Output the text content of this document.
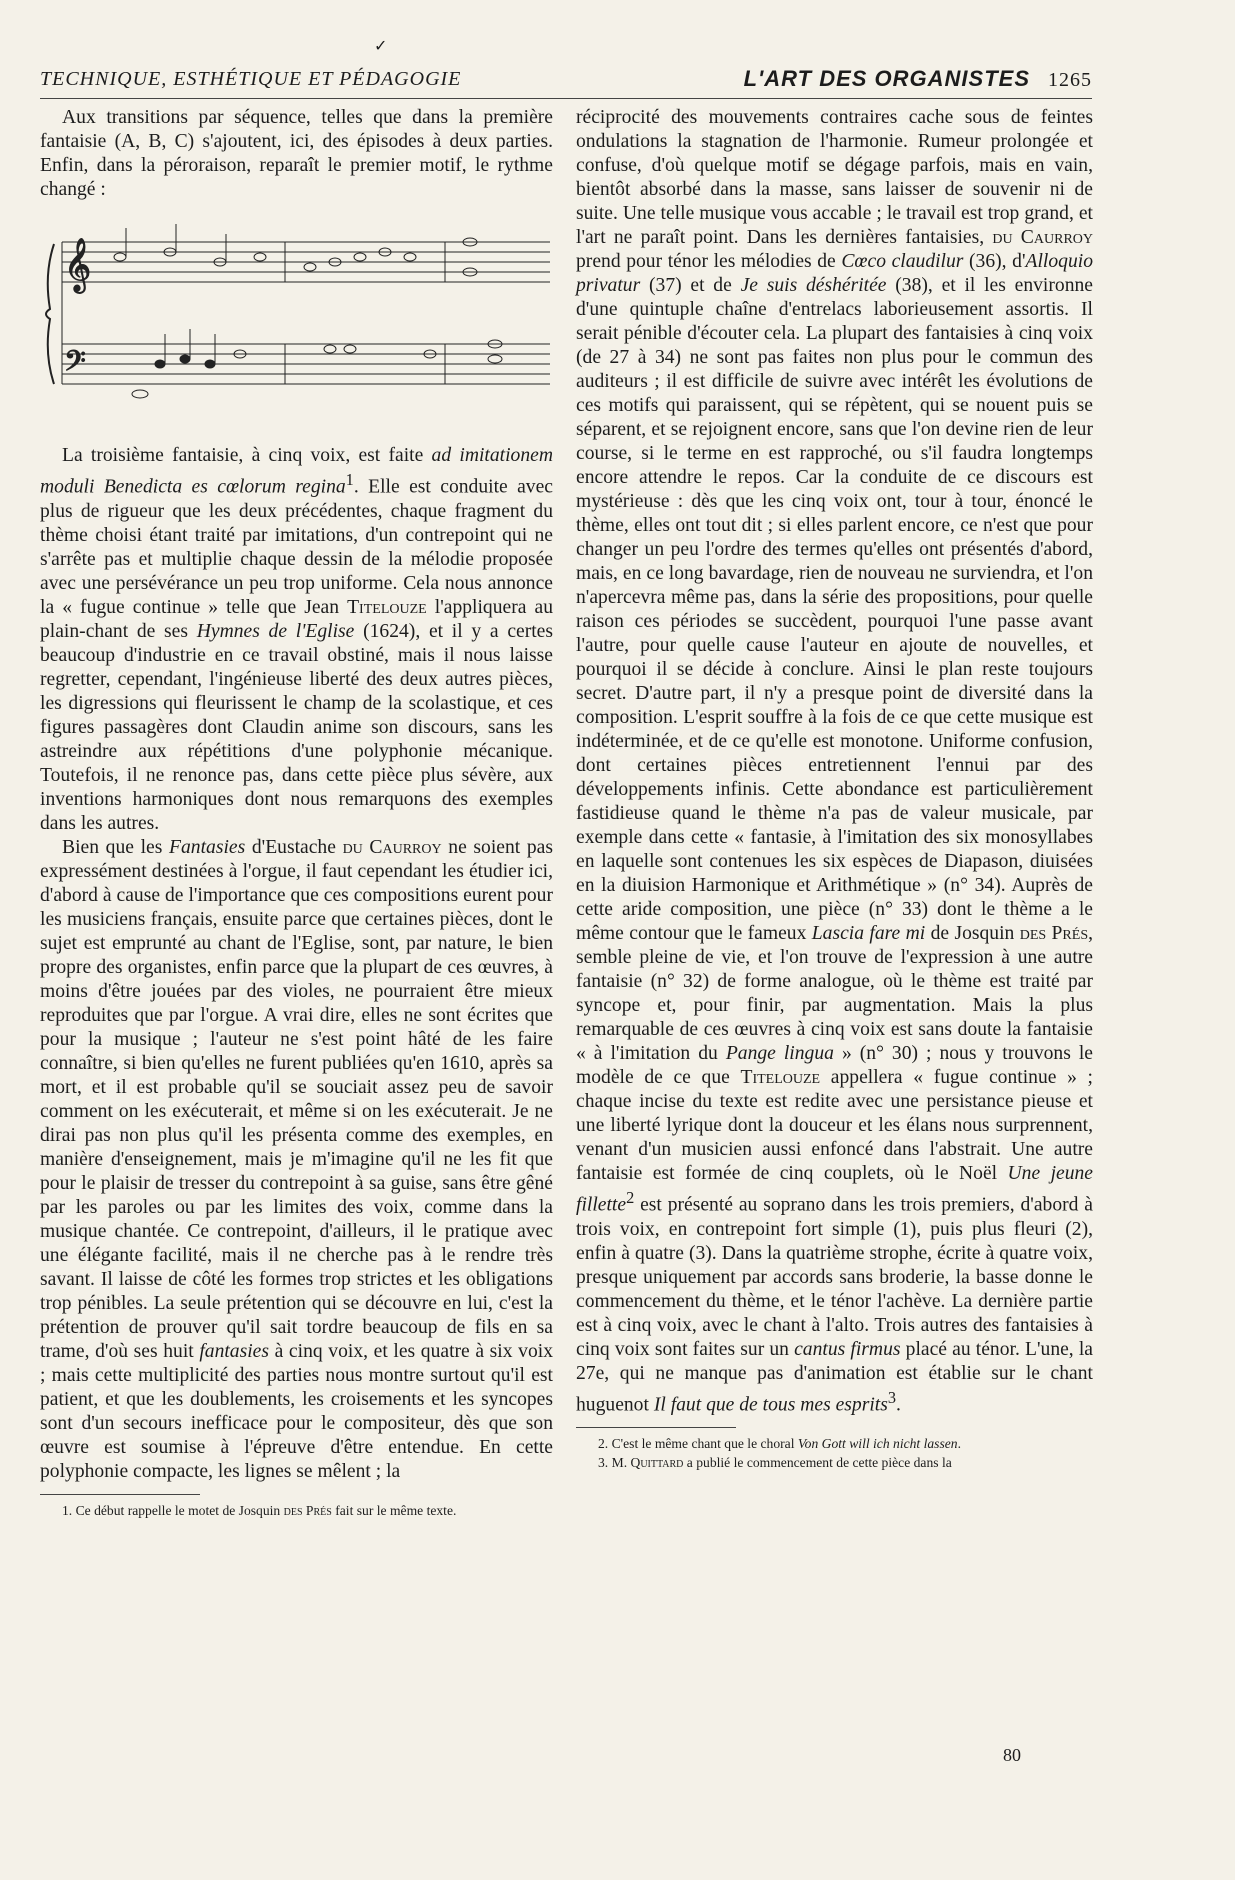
✓
TECHNIQUE, ESTHÉTIQUE ET PÉDAGOGIE	L'ART DES ORGANISTES 1265

Aux transitions par séquence, telles que dans la première fantaisie (A, B, C) s'ajoutent, ici, des épisodes à deux parties. Enfin, dans la péroraison, reparaît le premier motif, le rythme changé :

𝄞
𝄢

La troisième fantaisie, à cinq voix, est faite ad imitationem moduli Benedicta es cœlorum regina$^1$. Elle est conduite avec plus de rigueur que les deux précédentes, chaque fragment du thème choisi étant traité par imitations, d'un contrepoint qui ne s'arrête pas et multiplie chaque dessin de la mélodie proposée avec une persévérance un peu trop uniforme. Cela nous annonce la « fugue continue » telle que Jean Titelouze l'appliquera au plain-chant de ses Hymnes de l'Eglise (1624), et il y a certes beaucoup d'industrie en ce travail obstiné, mais il nous laisse regretter, cependant, l'ingénieuse liberté des deux autres pièces, les digressions qui fleurissent le champ de la scolastique, et ces figures passagères dont Claudin anime son discours, sans les astreindre aux répétitions d'une polyphonie mécanique. Toutefois, il ne renonce pas, dans cette pièce plus sévère, aux inventions harmoniques dont nous remarquons des exemples dans les autres.

Bien que les Fantasies d'Eustache du Caurroy ne soient pas expressément destinées à l'orgue, il faut cependant les étudier ici, d'abord à cause de l'importance que ces compositions eurent pour les musiciens français, ensuite parce que certaines pièces, dont le sujet est emprunté au chant de l'Eglise, sont, par nature, le bien propre des organistes, enfin parce que la plupart de ces œuvres, à moins d'être jouées par des violes, ne pourraient être mieux reproduites que par l'orgue. A vrai dire, elles ne sont écrites que pour la musique ; l'auteur ne s'est point hâté de les faire connaître, si bien qu'elles ne furent publiées qu'en 1610, après sa mort, et il est probable qu'il se souciait assez peu de savoir comment on les exécuterait, et même si on les exécuterait. Je ne dirai pas non plus qu'il les présenta comme des exemples, en manière d'enseignement, mais je m'imagine qu'il ne les fit que pour le plaisir de tresser du contrepoint à sa guise, sans être gêné par les paroles ou par les limites des voix, comme dans la musique chantée. Ce contrepoint, d'ailleurs, il le pratique avec une élégante facilité, mais il ne cherche pas à le rendre très savant. Il laisse de côté les formes trop strictes et les obligations trop pénibles. La seule prétention qui se découvre en lui, c'est la prétention de prouver qu'il sait tordre beaucoup de fils en sa trame, d'où ses huit fantasies à cinq voix, et les quatre à six voix ; mais cette multiplicité des parties nous montre surtout qu'il est patient, et que les doublements, les croisements et les syncopes sont d'un secours inefficace pour le compositeur, dès que son œuvre est soumise à l'épreuve d'être entendue. En cette polyphonie compacte, les lignes se mêlent ; la

1. Ce début rappelle le motet de Josquin des Prés fait sur le même texte.

réciprocité des mouvements contraires cache sous de feintes ondulations la stagnation de l'harmonie. Rumeur prolongée et confuse, d'où quelque motif se dégage parfois, mais en vain, bientôt absorbé dans la masse, sans laisser de souvenir ni de suite. Une telle musique vous accable ; le travail est trop grand, et l'art ne paraît point. Dans les dernières fantaisies, du Caurroy prend pour ténor les mélodies de Cœco claudilur (36), d'Alloquio privatur (37) et de Je suis déshéritée (38), et il les environne d'une quintuple chaîne d'entrelacs laborieusement assortis. Il serait pénible d'écouter cela. La plupart des fantaisies à cinq voix (de 27 à 34) ne sont pas faites non plus pour le commun des auditeurs ; il est difficile de suivre avec intérêt les évolutions de ces motifs qui paraissent, qui se répètent, qui se nouent puis se séparent, et se rejoignent encore, sans que l'on devine rien de leur course, si le terme en est rapproché, ou s'il faudra longtemps encore attendre le repos. Car la conduite de ce discours est mystérieuse : dès que les cinq voix ont, tour à tour, énoncé le thème, elles ont tout dit ; si elles parlent encore, ce n'est que pour changer un peu l'ordre des termes qu'elles ont présentés d'abord, mais, en ce long bavardage, rien de nouveau ne surviendra, et l'on n'apercevra même pas, dans la série des propositions, pour quelle raison ces périodes se succèdent, pourquoi l'une passe avant l'autre, pour quelle cause l'auteur en ajoute de nouvelles, et pourquoi il se décide à conclure. Ainsi le plan reste toujours secret. D'autre part, il n'y a presque point de diversité dans la composition. L'esprit souffre à la fois de ce que cette musique est indéterminée, et de ce qu'elle est monotone. Uniforme confusion, dont certaines pièces entretiennent l'ennui par des développements infinis. Cette abondance est particulièrement fastidieuse quand le thème n'a pas de valeur musicale, par exemple dans cette « fantasie, à l'imitation des six monosyllabes en laquelle sont contenues les six espèces de Diapason, diuisées en la diuision Harmonique et Arithmétique » (n° 34). Auprès de cette aride composition, une pièce (n° 33) dont le thème a le même contour que le fameux Lascia fare mi de Josquin des Prés, semble pleine de vie, et l'on trouve de l'expression à une autre fantaisie (n° 32) de forme analogue, où le thème est traité par syncope et, pour finir, par augmentation. Mais la plus remarquable de ces œuvres à cinq voix est sans doute la fantaisie « à l'imitation du Pange lingua » (n° 30) ; nous y trouvons le modèle de ce que Titelouze appellera « fugue continue » ; chaque incise du texte est redite avec une persistance pieuse et une liberté lyrique dont la douceur et les élans nous surprennent, venant d'un musicien aussi enfoncé dans l'abstrait. Une autre fantaisie est formée de cinq couplets, où le Noël Une jeune fillette$^2$ est présenté au soprano dans les trois premiers, d'abord à trois voix, en contrepoint fort simple (1), puis plus fleuri (2), enfin à quatre (3). Dans la quatrième strophe, écrite à quatre voix, presque uniquement par accords sans broderie, la basse donne le commencement du thème, et le ténor l'achève. La dernière partie est à cinq voix, avec le chant à l'alto. Trois autres des fantaisies à cinq voix sont faites sur un cantus firmus placé au ténor. L'une, la 27e, qui ne manque pas d'animation est établie sur le chant huguenot Il faut que de tous mes esprits$^3$.

2. C'est le même chant que le choral Von Gott will ich nicht lassen.

3. M. Quittard a publié le commencement de cette pièce dans la

80
